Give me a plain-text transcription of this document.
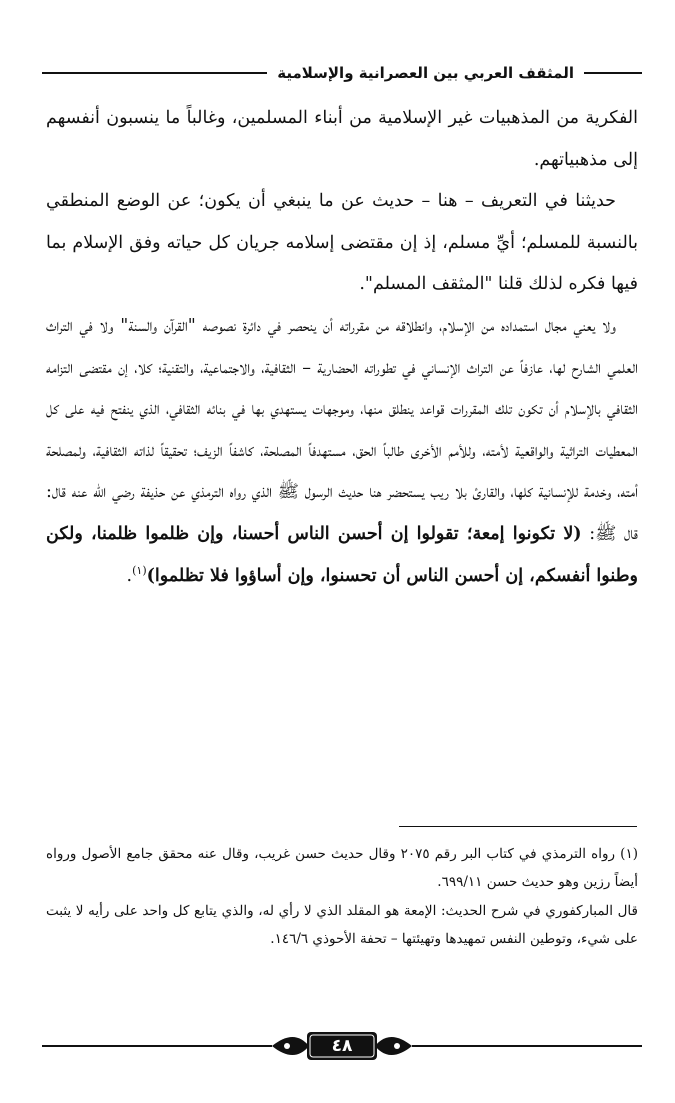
المثقف العربي بين العصرانية والإسلامية

الفكرية من المذهبيات غير الإسلامية من أبناء المسلمين، وغالباً ما ينسبون أنفسهم إلى مذهبياتهم.

حديثنا في التعريف – هنا – حديث عن ما ينبغي أن يكون؛ عن الوضع المنطقي بالنسبة للمسلم؛ أيِّ مسلم، إذ إن مقتضى إسلامه جريان كل حياته وفق الإسلام بما فيها فكره لذلك قلنا "المثقف المسلم".

ولا يعني مجال استمداده من الإسلام، وانطلاقه من مقرراته أن ينحصر في دائرة نصوصه "القرآن والسنة" ولا في التراث العلمي الشارح لها، عازفاً عن التراث الإنساني في تطوراته الحضارية – الثقافية، والاجتماعية، والتقنية؛ كلا، إن مقتضى التزامه الثقافي بالإسلام أن تكون تلك المقررات قواعد ينطلق منها، وموجهات يستهدي بها في بنائه الثقافي، الذي ينفتح فيه على كل المعطيات التراثية والواقعية لأمته، وللأمم الأخرى طالباً الحق، مستهدفاً المصلحة، كاشفاً الزيف؛ تحقيقاً لذاته الثقافية، ولمصلحة أمته، وخدمة للإنسانية كلها، والقارئ بلا ريب يستحضر هنا حديث الرسول ﷺ الذي رواه الترمذي عن حذيفة رضي الله عنه قال: قال ﷺ: (لا تكونوا إمعة؛ تقولوا إن أحسن الناس أحسنا، وإن ظلموا ظلمنا، ولكن وطنوا أنفسكم، إن أحسن الناس أن تحسنوا، وإن أساؤوا فلا تظلموا)$^{(١)}$.

(١) رواه الترمذي في كتاب البر رقم ٢٠٧٥ وقال حديث حسن غريب، وقال عنه محقق جامع الأصول ورواه أيضاً رزين وهو حديث حسن ٦٩٩/١١.

قال المباركفوري في شرح الحديث: الإمعة هو المقلد الذي لا رأي له، والذي يتابع كل واحد على رأيه لا يثبت على شيء، وتوطين النفس تمهيدها وتهيئتها – تحفة الأحوذي ١٤٦/٦.

٤٨
